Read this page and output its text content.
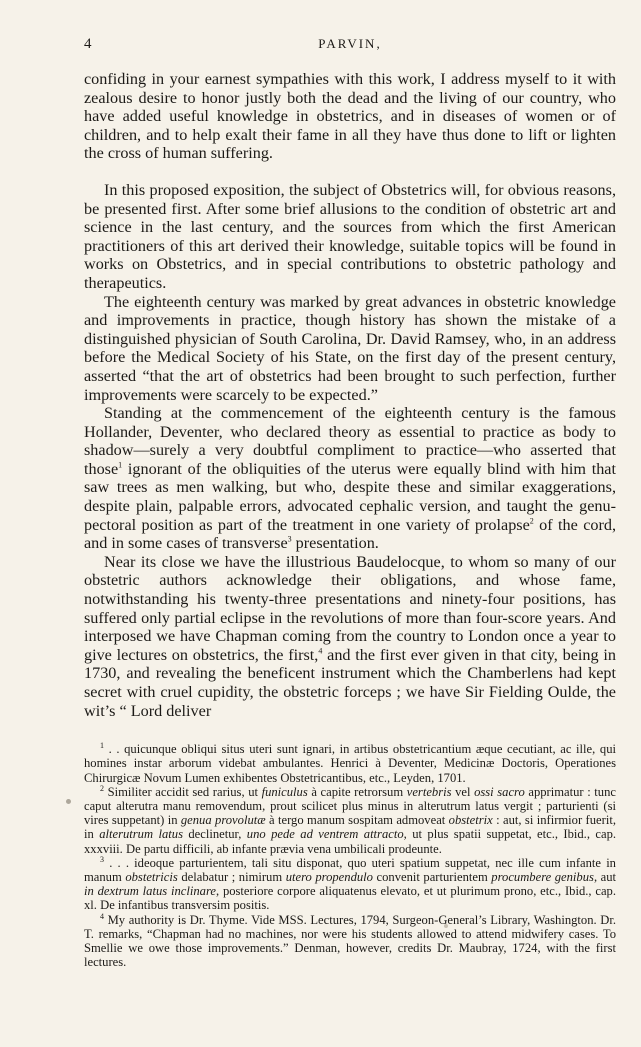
4	PARVIN,

confiding in your earnest sympathies with this work, I address myself to it with zealous desire to honor justly both the dead and the living of our country, who have added useful knowledge in obstetrics, and in diseases of women or of children, and to help exalt their fame in all they have thus done to lift or lighten the cross of human suffering.

In this proposed exposition, the subject of Obstetrics will, for obvious reasons, be presented first. After some brief allusions to the condition of obstetric art and science in the last century, and the sources from which the first American practitioners of this art derived their knowledge, suitable topics will be found in works on Obstetrics, and in special contributions to obstetric pathology and therapeutics.

The eighteenth century was marked by great advances in obstetric knowledge and improvements in practice, though history has shown the mistake of a distinguished physician of South Carolina, Dr. David Ramsey, who, in an address before the Medical Society of his State, on the first day of the present century, asserted “that the art of obstetrics had been brought to such perfection, further improvements were scarcely to be expected.”

Standing at the commencement of the eighteenth century is the famous Hollander, Deventer, who declared theory as essential to practice as body to shadow—surely a very doubtful compliment to practice—who asserted that those$^1$ ignorant of the obliquities of the uterus were equally blind with him that saw trees as men walking, but who, despite these and similar exaggerations, despite plain, palpable errors, advocated cephalic version, and taught the genu-pectoral position as part of the treatment in one variety of prolapse$^2$ of the cord, and in some cases of transverse$^3$ presentation.

Near its close we have the illustrious Baudelocque, to whom so many of our obstetric authors acknowledge their obligations, and whose fame, notwithstanding his twenty-three presentations and ninety-four positions, has suffered only partial eclipse in the revolutions of more than four-score years. And interposed we have Chapman coming from the country to London once a year to give lectures on obstetrics, the first,$^4$ and the first ever given in that city, being in 1730, and revealing the beneficent instrument which the Chamberlens had kept secret with cruel cupidity, the obstetric forceps ; we have Sir Fielding Oulde, the wit’s “ Lord deliver

$^1$ . . quicunque obliqui situs uteri sunt ignari, in artibus obstetricantium æque cecutiant, ac ille, qui homines instar arborum videbat ambulantes. Henrici à Deventer, Medicinæ Doctoris, Operationes Chirurgicæ Novum Lumen exhibentes Obstetricantibus, etc., Leyden, 1701.

$^2$ Similiter accidit sed rarius, ut funiculus à capite retrorsum vertebris vel ossi sacro apprimatur : tunc caput alterutra manu removendum, prout scilicet plus minus in alterutrum latus vergit ; parturienti (si vires suppetant) in genua provolutæ à tergo manum sospitam admoveat obstetrix : aut, si infirmior fuerit, in alterutrum latus declinetur, uno pede ad ventrem attracto, ut plus spatii suppetat, etc., Ibid., cap. xxxviii. De partu difficili, ab infante prævia vena umbilicali prodeunte.

$^3$ . . . ideoque parturientem, tali situ disponat, quo uteri spatium suppetat, nec ille cum infante in manum obstetricis delabatur ; nimirum utero propendulo convenit parturientem procumbere genibus, aut in dextrum latus inclinare, posteriore corpore aliquatenus elevato, et ut plurimum prono, etc., Ibid., cap. xl. De infantibus transversim positis.

$^4$ My authority is Dr. Thyme. Vide MSS. Lectures, 1794, Surgeon-General’s Library, Washington. Dr. T. remarks, “Chapman had no machines, nor were his students allowed to attend midwifery cases. To Smellie we owe those improvements.” Denman, however, credits Dr. Maubray, 1724, with the first lectures.
